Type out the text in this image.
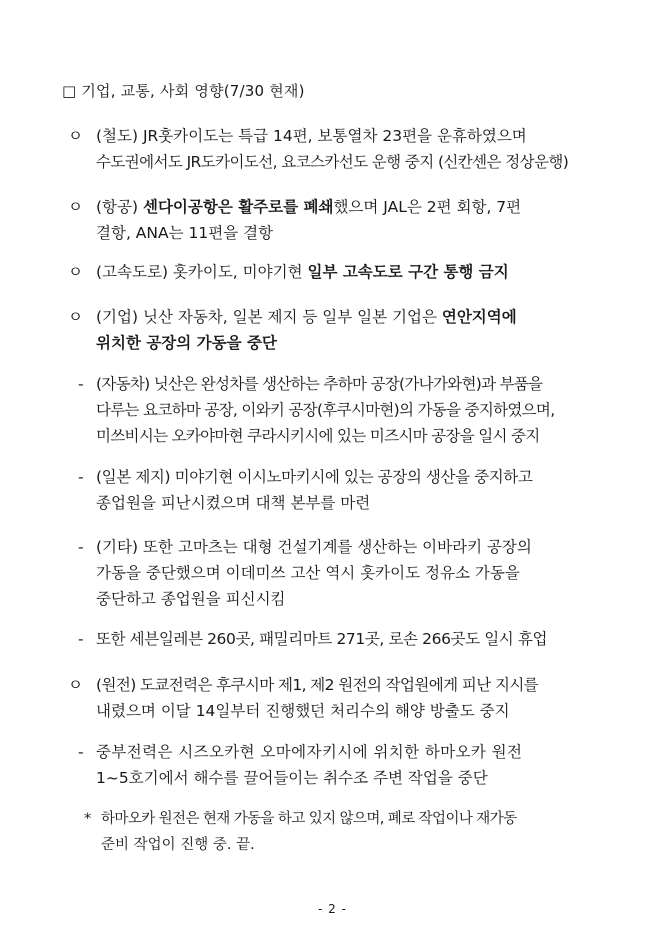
□ 기업, 교통, 사회 영향(7/30 현재)
ㅇ (철도) JR훗카이도는 특급 14편, 보통열차 23편을 운휴하였으며
수도권에서도 JR도카이도선, 요코스카선도 운행 중지 (신칸센은 정상운행)
ㅇ (항공) 센다이공항은 활주로를 폐쇄했으며 JAL은 2편 회항, 7편
결항, ANA는 11편을 결항
ㅇ (고속도로) 홋카이도, 미야기현 일부 고속도로 구간 통행 금지
ㅇ (기업) 닛산 자동차, 일본 제지 등 일부 일본 기업은 연안지역에
위치한 공장의 가동을 중단
- (자동차) 닛산은 완성차를 생산하는 추하마 공장(가나가와현)과 부품을
다루는 요코하마 공장, 이와키 공장(후쿠시마현)의 가동을 중지하였으며,
미쓰비시는 오카야마현 쿠라시키시에 있는 미즈시마 공장을 일시 중지
- (일본 제지) 미야기현 이시노마키시에 있는 공장의 생산을 중지하고
종업원을 피난시켰으며 대책 본부를 마련
- (기타) 또한 고마츠는 대형 건설기계를 생산하는 이바라키 공장의
가동을 중단했으며 이데미쓰 고산 역시 홋카이도 정유소 가동을
중단하고 종업원을 피신시킴
- 또한 세븐일레븐 260곳, 패밀리마트 271곳, 로손 266곳도 일시 휴업
ㅇ (원전) 도쿄전력은 후쿠시마 제1, 제2 원전의 작업원에게 피난 지시를
내렸으며 이달 14일부터 진행했던 처리수의 해양 방출도 중지
- 중부전력은 시즈오카현 오마에자키시에 위치한 하마오카 원전
1~5호기에서 해수를 끌어들이는 취수조 주변 작업을 중단
* 하마오카 원전은 현재 가동을 하고 있지 않으며, 폐로 작업이나 재가동
준비 작업이 진행 중. 끝.
- 2 -
